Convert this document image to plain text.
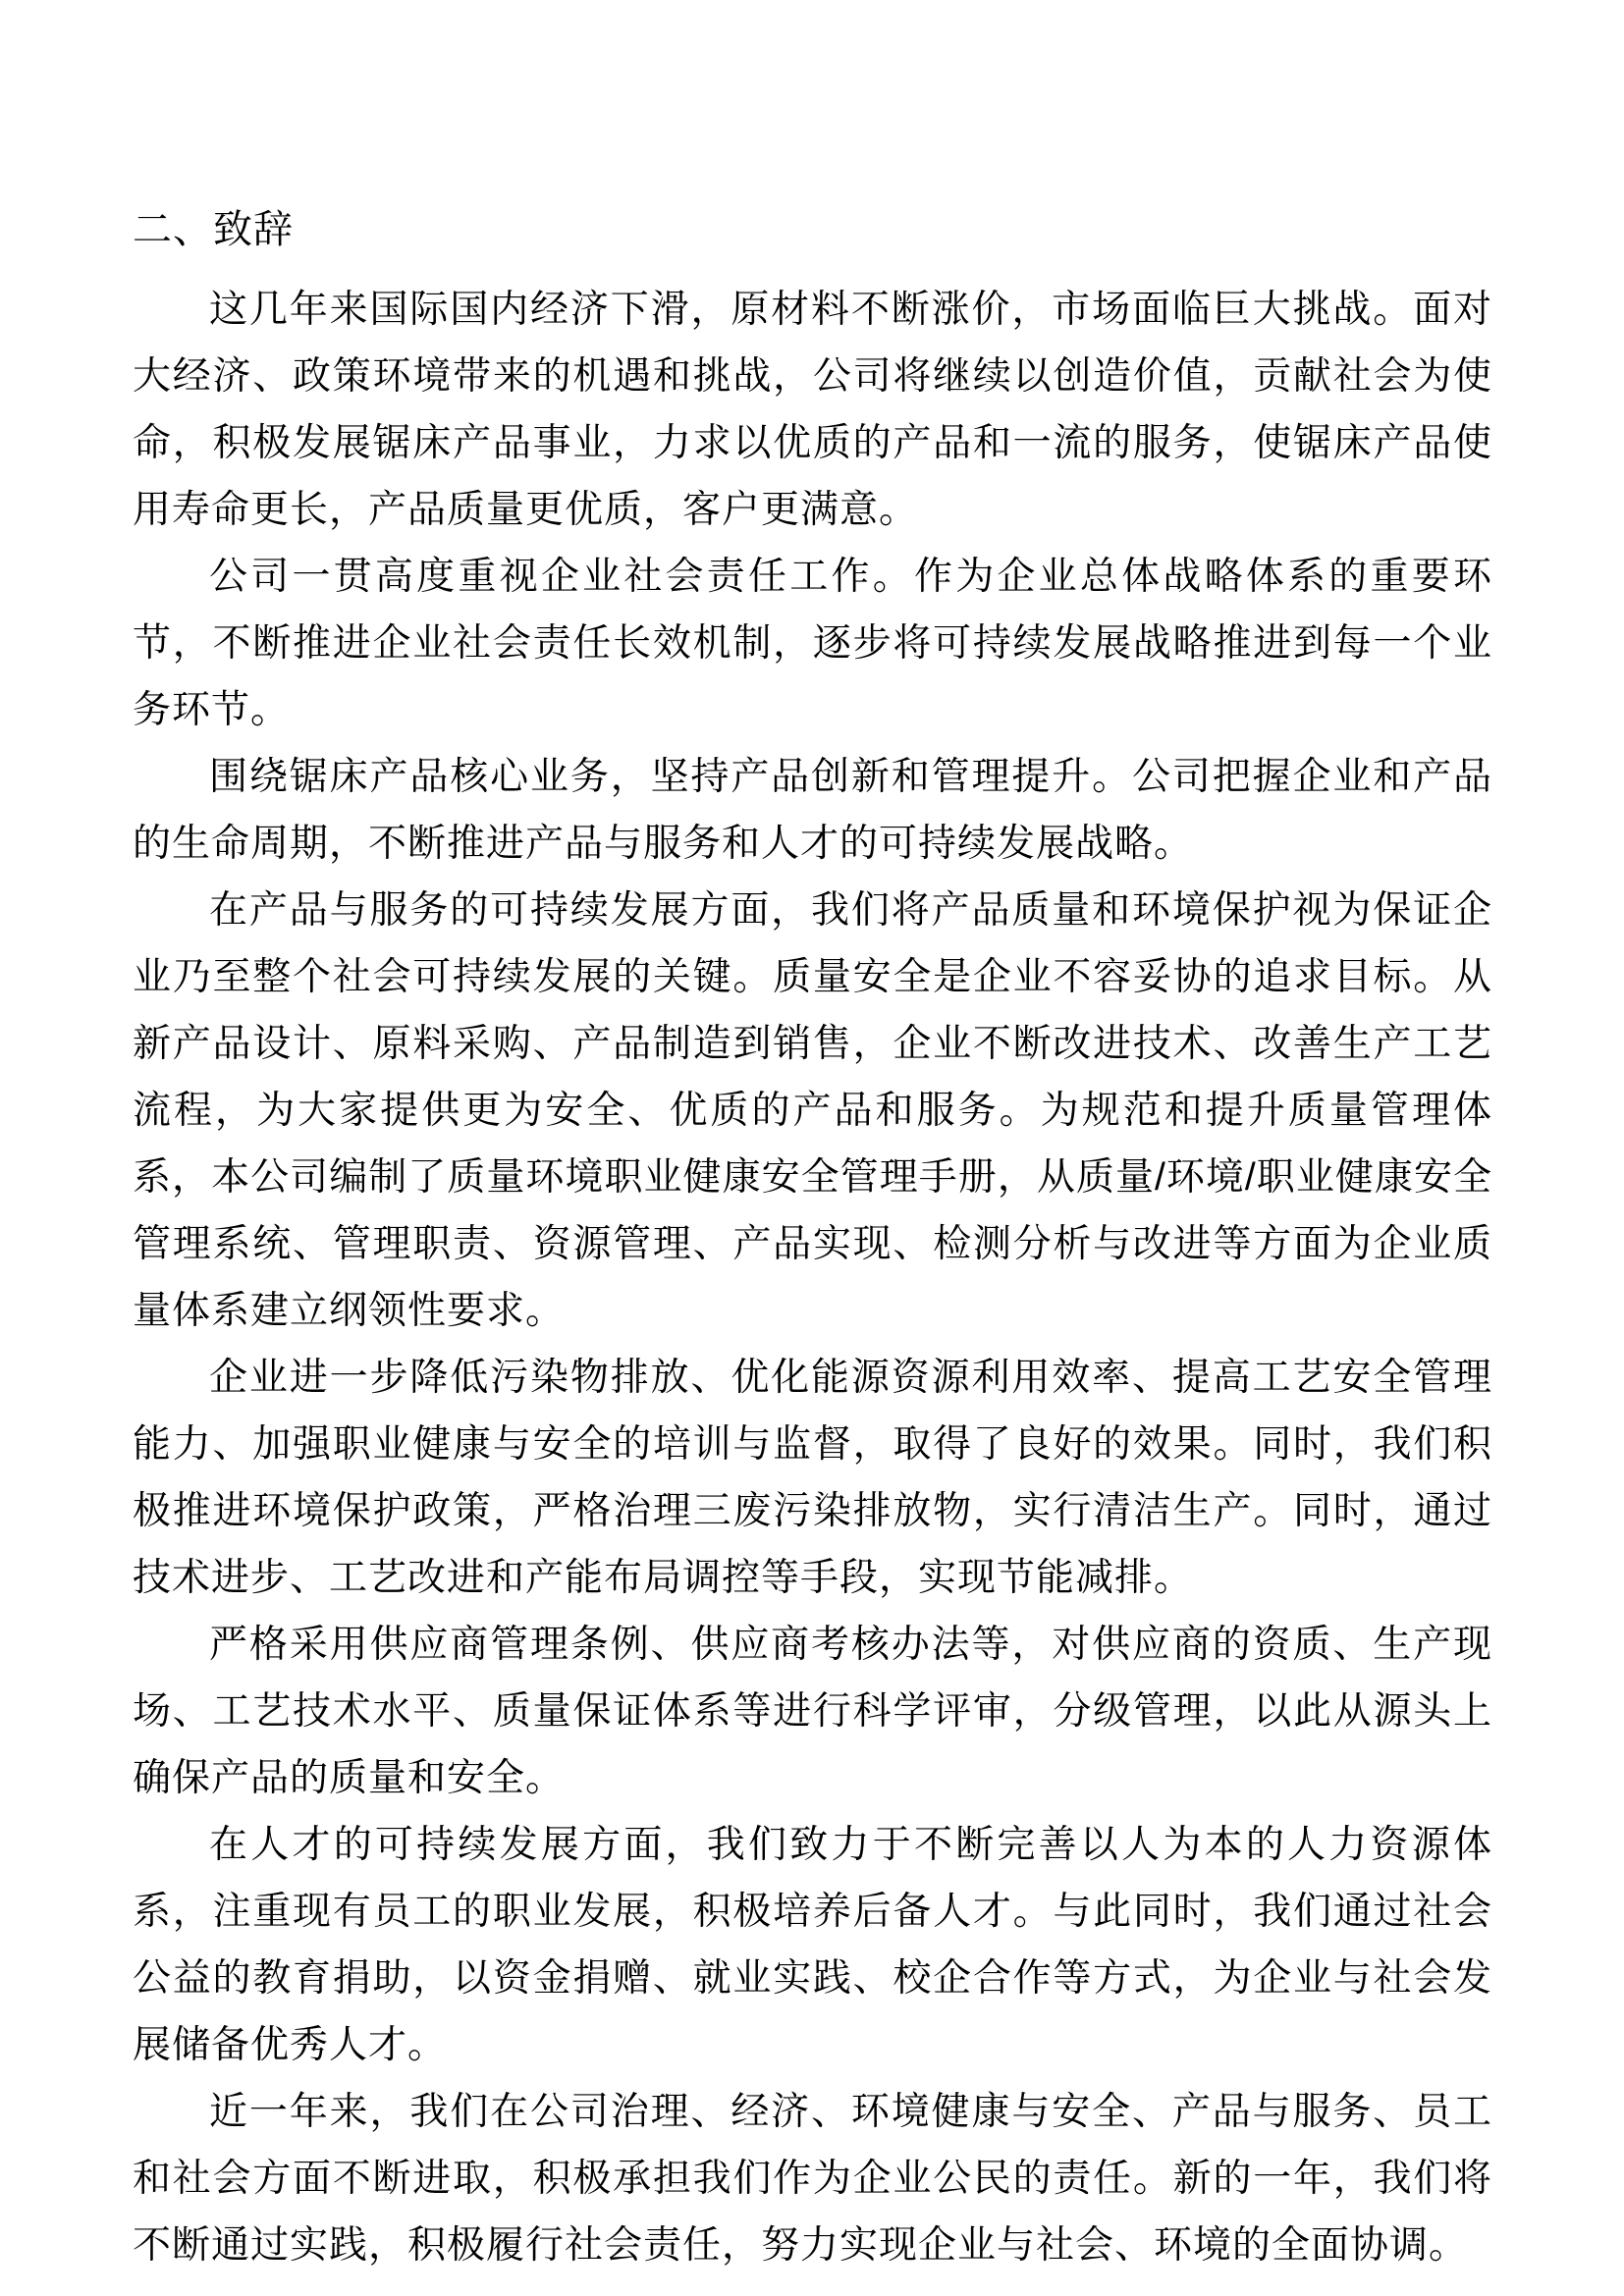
二、致辞

这几年来国际国内经济下滑，原材料不断涨价，市场面临巨大挑战。面对大经济、政策环境带来的机遇和挑战，公司将继续以创造价值，贡献社会为使命，积极发展锯床产品事业，力求以优质的产品和一流的服务，使锯床产品使用寿命更长，产品质量更优质，客户更满意。

公司一贯高度重视企业社会责任工作。作为企业总体战略体系的重要环节，不断推进企业社会责任长效机制，逐步将可持续发展战略推进到每一个业务环节。

围绕锯床产品核心业务，坚持产品创新和管理提升。公司把握企业和产品的生命周期，不断推进产品与服务和人才的可持续发展战略。

在产品与服务的可持续发展方面，我们将产品质量和环境保护视为保证企业乃至整个社会可持续发展的关键。质量安全是企业不容妥协的追求目标。从新产品设计、原料采购、产品制造到销售，企业不断改进技术、改善生产工艺流程，为大家提供更为安全、优质的产品和服务。为规范和提升质量管理体系，本公司编制了质量环境职业健康安全管理手册，从质量/环境/职业健康安全管理系统、管理职责、资源管理、产品实现、检测分析与改进等方面为企业质量体系建立纲领性要求。

企业进一步降低污染物排放、优化能源资源利用效率、提高工艺安全管理能力、加强职业健康与安全的培训与监督，取得了良好的效果。同时，我们积极推进环境保护政策，严格治理三废污染排放物，实行清洁生产。同时，通过技术进步、工艺改进和产能布局调控等手段，实现节能减排。

严格采用供应商管理条例、供应商考核办法等，对供应商的资质、生产现场、工艺技术水平、质量保证体系等进行科学评审，分级管理，以此从源头上确保产品的质量和安全。

在人才的可持续发展方面，我们致力于不断完善以人为本的人力资源体系，注重现有员工的职业发展，积极培养后备人才。与此同时，我们通过社会公益的教育捐助，以资金捐赠、就业实践、校企合作等方式，为企业与社会发展储备优秀人才。

近一年来，我们在公司治理、经济、环境健康与安全、产品与服务、员工和社会方面不断进取，积极承担我们作为企业公民的责任。新的一年，我们将不断通过实践，积极履行社会责任，努力实现企业与社会、环境的全面协调。
